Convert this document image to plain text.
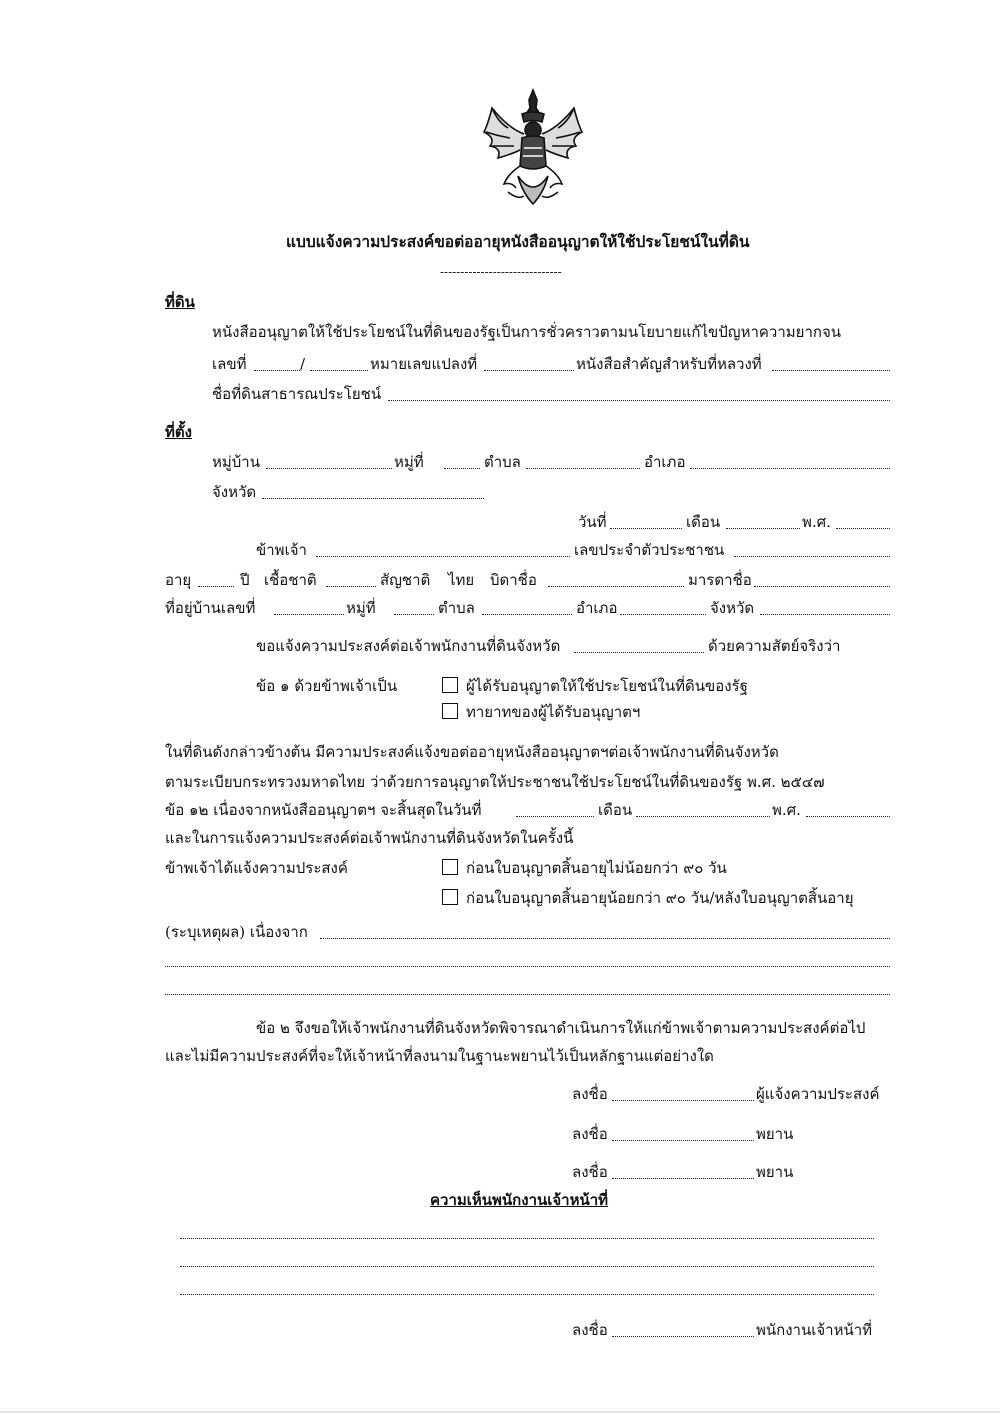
แบบแจ้งความประสงค์ขอต่ออายุหนังสืออนุญาตให้ใช้ประโยชน์ในที่ดิน
------------------------------
ที่ดิน
หนังสืออนุญาตให้ใช้ประโยชน์ในที่ดินของรัฐเป็นการชั่วคราวตามนโยบายแก้ไขปัญหาความยากจน
เลขที่	/	หมายเลขแปลงที่	หนังสือสำคัญสำหรับที่หลวงที่
ชื่อที่ดินสาธารณประโยชน์
ที่ตั้ง
หมู่บ้าน	หมู่ที่	ตำบล	อำเภอ
จังหวัด
วันที่	เดือน	พ.ศ.
ข้าพเจ้า	เลขประจำตัวประชาชน
อายุ	ปี เชื้อชาติ	สัญชาติ ไทย บิดาชื่อ	มารดาชื่อ
ที่อยู่บ้านเลขที่	หมู่ที่	ตำบล	อำเภอ	จังหวัด
ขอแจ้งความประสงค์ต่อเจ้าพนักงานที่ดินจังหวัด	ด้วยความสัตย์จริงว่า
ข้อ ๑ ด้วยข้าพเจ้าเป็น	ผู้ได้รับอนุญาตให้ใช้ประโยชน์ในที่ดินของรัฐ
ทายาทของผู้ได้รับอนุญาตฯ
ในที่ดินดังกล่าวข้างต้น มีความประสงค์แจ้งขอต่ออายุหนังสืออนุญาตฯต่อเจ้าพนักงานที่ดินจังหวัด
ตามระเบียบกระทรวงมหาดไทย ว่าด้วยการอนุญาตให้ประชาชนใช้ประโยชน์ในที่ดินของรัฐ พ.ศ. ๒๕๔๗
ข้อ ๑๒ เนื่องจากหนังสืออนุญาตฯ จะสิ้นสุดในวันที่	เดือน	พ.ศ.
และในการแจ้งความประสงค์ต่อเจ้าพนักงานที่ดินจังหวัดในครั้งนี้
ข้าพเจ้าได้แจ้งความประสงค์	ก่อนใบอนุญาตสิ้นอายุไม่น้อยกว่า ๙๐ วัน
ก่อนใบอนุญาตสิ้นอายุน้อยกว่า ๙๐ วัน/หลังใบอนุญาตสิ้นอายุ
(ระบุเหตุผล) เนื่องจาก
ข้อ ๒ จึงขอให้เจ้าพนักงานที่ดินจังหวัดพิจารณาดำเนินการให้แก่ข้าพเจ้าตามความประสงค์ต่อไป
และไม่มีความประสงค์ที่จะให้เจ้าหน้าที่ลงนามในฐานะพยานไว้เป็นหลักฐานแต่อย่างใด
ลงชื่อ	ผู้แจ้งความประสงค์
ลงชื่อ	พยาน
ลงชื่อ	พยาน
ความเห็นพนักงานเจ้าหน้าที่
ลงชื่อ	พนักงานเจ้าหน้าที่
